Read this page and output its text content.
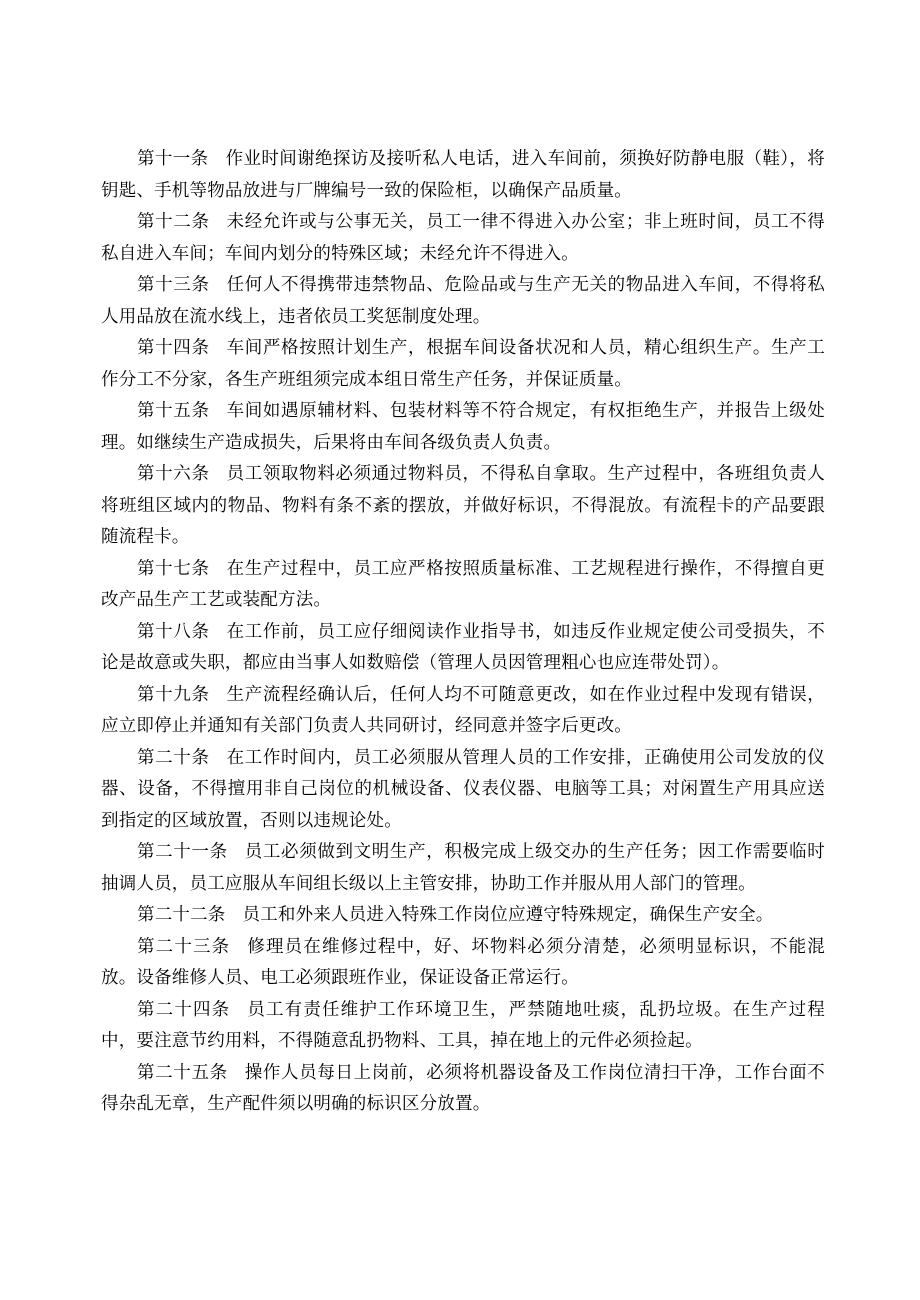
第十一条 作业时间谢绝探访及接听私人电话，进入车间前，须换好防静电服（鞋），将钥匙、手机等物品放进与厂牌编号一致的保险柜，以确保产品质量。

第十二条 未经允许或与公事无关，员工一律不得进入办公室；非上班时间，员工不得私自进入车间；车间内划分的特殊区域；未经允许不得进入。

第十三条 任何人不得携带违禁物品、危险品或与生产无关的物品进入车间，不得将私人用品放在流水线上，违者依员工奖惩制度处理。

第十四条 车间严格按照计划生产，根据车间设备状况和人员，精心组织生产。生产工作分工不分家，各生产班组须完成本组日常生产任务，并保证质量。

第十五条 车间如遇原辅材料、包装材料等不符合规定，有权拒绝生产，并报告上级处理。如继续生产造成损失，后果将由车间各级负责人负责。

第十六条 员工领取物料必须通过物料员，不得私自拿取。生产过程中，各班组负责人将班组区域内的物品、物料有条不紊的摆放，并做好标识，不得混放。有流程卡的产品要跟随流程卡。

第十七条 在生产过程中，员工应严格按照质量标准、工艺规程进行操作，不得擅自更改产品生产工艺或装配方法。

第十八条 在工作前，员工应仔细阅读作业指导书，如违反作业规定使公司受损失，不论是故意或失职，都应由当事人如数赔偿（管理人员因管理粗心也应连带处罚）。

第十九条 生产流程经确认后，任何人均不可随意更改，如在作业过程中发现有错误，应立即停止并通知有关部门负责人共同研讨，经同意并签字后更改。

第二十条 在工作时间内，员工必须服从管理人员的工作安排，正确使用公司发放的仪器、设备，不得擅用非自己岗位的机械设备、仪表仪器、电脑等工具；对闲置生产用具应送到指定的区域放置，否则以违规论处。

第二十一条 员工必须做到文明生产，积极完成上级交办的生产任务；因工作需要临时抽调人员，员工应服从车间组长级以上主管安排，协助工作并服从用人部门的管理。

第二十二条 员工和外来人员进入特殊工作岗位应遵守特殊规定，确保生产安全。

第二十三条 修理员在维修过程中，好、坏物料必须分清楚，必须明显标识，不能混放。设备维修人员、电工必须跟班作业，保证设备正常运行。

第二十四条 员工有责任维护工作环境卫生，严禁随地吐痰，乱扔垃圾。在生产过程中，要注意节约用料，不得随意乱扔物料、工具，掉在地上的元件必须捡起。

第二十五条 操作人员每日上岗前，必须将机器设备及工作岗位清扫干净，工作台面不得杂乱无章，生产配件须以明确的标识区分放置。
